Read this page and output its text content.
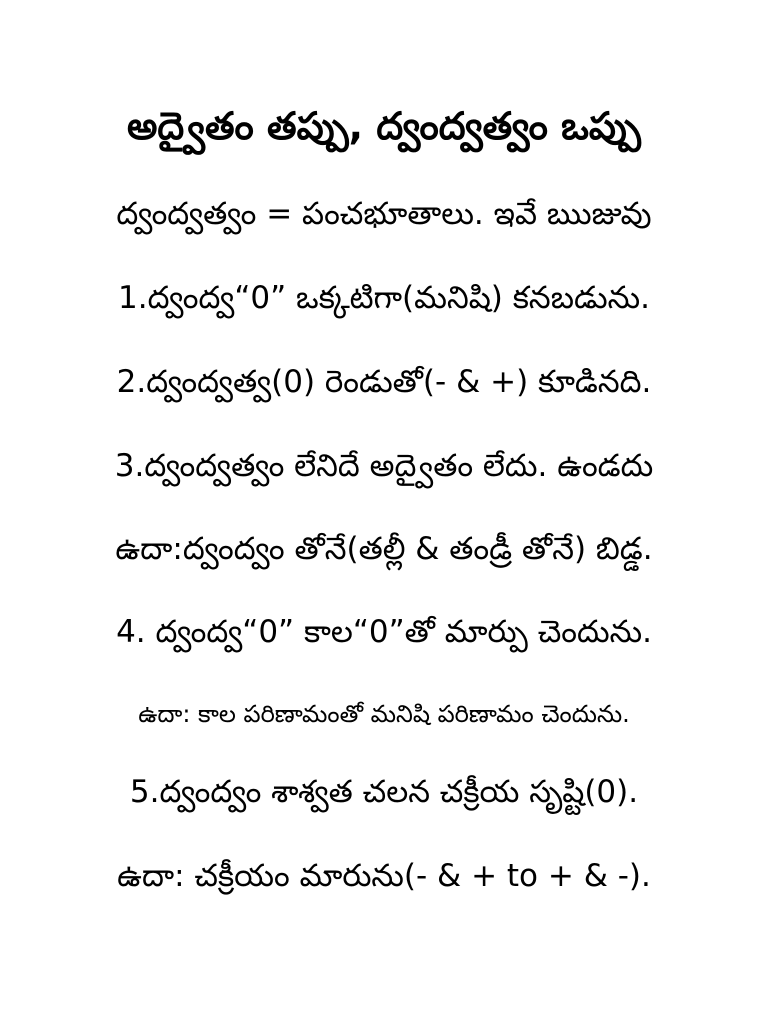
అద్వైతం తప్పు, ద్వంద్వత్వం ఒప్పు
ద్వంద్వత్వం = పంచభూతాలు. ఇవే ఋజువు
1.ద్వంద్వ“0” ఒక్కటిగా(మనిషి) కనబడును.
2.ద్వంద్వత్వ(0) రెండుతో(- & +) కూడినది.
3.ద్వంద్వత్వం లేనిదే అద్వైతం లేదు. ఉండదు
ఉదా:ద్వంద్వం తోనే(తల్లీ & తండ్రీ తోనే) బిడ్డ.
4. ద్వంద్వ“0” కాల“0”తో మార్పు చెందును.
ఉదా: కాల పరిణామంతో మనిషి పరిణామం చెందును.
5.ద్వంద్వం శాశ్వత చలన చక్రీయ సృష్టి(0).
ఉదా: చక్రీయం మారును(- & + to + & -).
